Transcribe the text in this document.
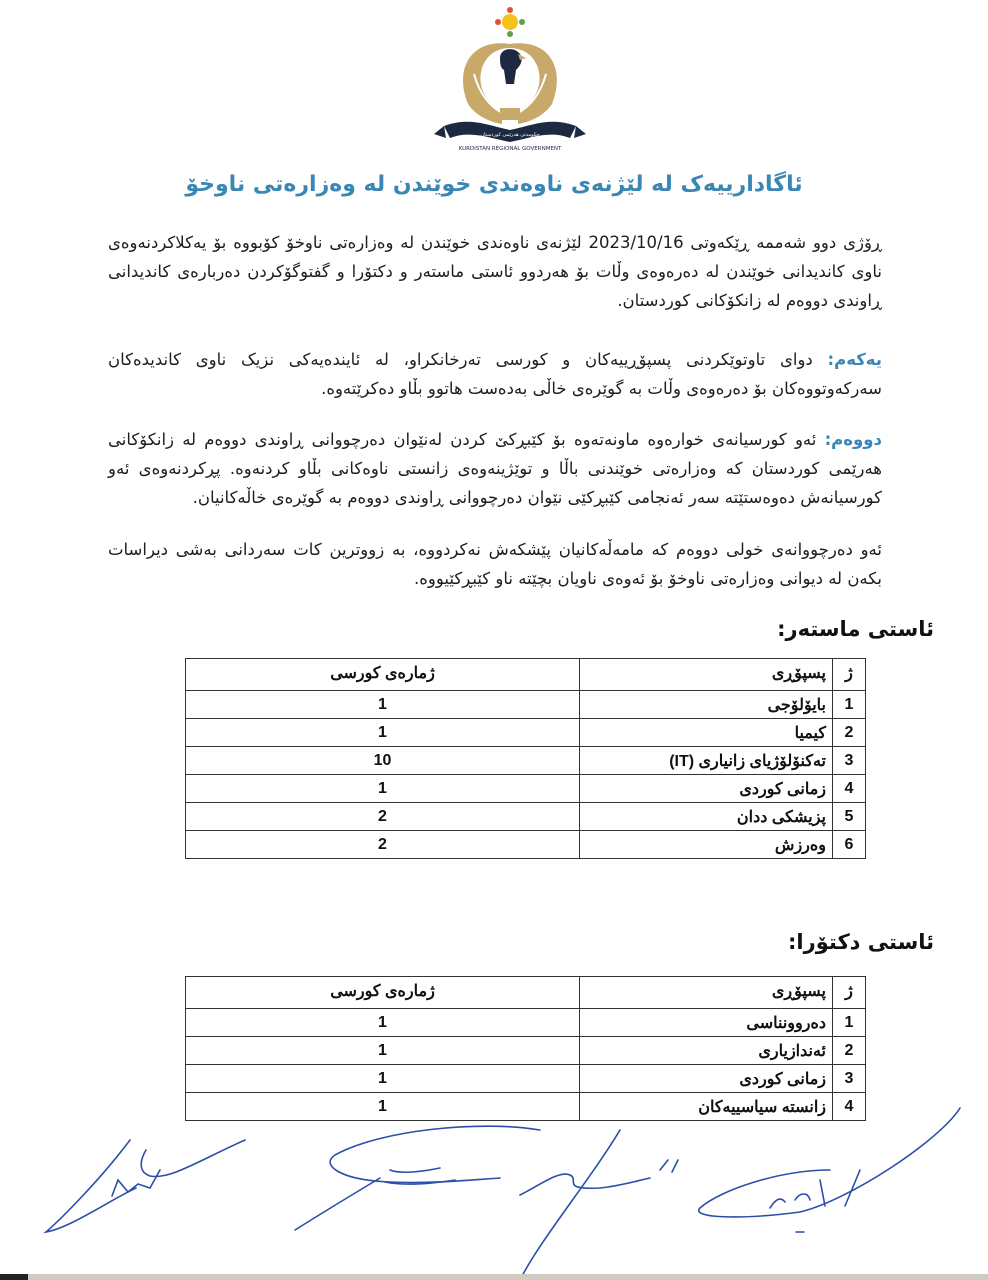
حكومەتی هەرێمی کوردستان
KURDISTAN REGIONAL GOVERNMENT
ئاگادارییەک لە لێژنەی ناوەندی خوێندن لە وەزارەتی ناوخۆ
ڕۆژی دوو شەممە ڕێکەوتی 2023/10/16 لێژنەی ناوەندی خوێندن لە وەزارەتی ناوخۆ کۆبووە بۆ یەکلاکردنەوەی ناوی کاندیدانی خوێندن لە دەرەوەی وڵات بۆ هەردوو ئاستی ماستەر و دکتۆرا و گفتوگۆکردن دەربارەی کاندیدانی ڕاوندی دووەم لە زانکۆکانی کوردستان.
یەکەم: دوای تاوتوێکردنی پسپۆڕییەکان و کورسی تەرخانکراو، لە ئایندەیەکی نزیک ناوی کاندیدەکان سەرکەوتووەکان بۆ دەرەوەی وڵات بە گوێرەی خاڵی بەدەست هاتوو بڵاو دەکرێتەوە.
دووەم: ئەو کورسیانەی خوارەوە ماونەتەوە بۆ کێبڕکێ کردن لەنێوان دەرچووانی ڕاوندی دووەم لە زانکۆکانی هەرێمی کوردستان کە وەزارەتی خوێندنی باڵا و توێژینەوەی زانستی ناوەکانی بڵاو کردنەوە. پڕکردنەوەی ئەو کورسیانەش دەوەستێتە سەر ئەنجامی کێبڕکێی نێوان دەرچووانی ڕاوندی دووەم بە گوێرەی خاڵەکانیان.
ئەو دەرچووانەی خولی دووەم کە مامەڵەکانیان پێشکەش نەکردووە، بە زووترین کات سەردانی بەشی دیراسات بکەن لە دیوانی وەزارەتی ناوخۆ بۆ ئەوەی ناویان بچێتە ناو کێبڕکێیووە.
ئاستی ماستەر:
ژ	پسپۆڕی	ژمارەی کورسی
1	بایۆلۆجی	1
2	کیمیا	1
3	تەکنۆلۆژیای زانیاری (IT)	10
4	زمانی کوردی	1
5	پزیشکی ددان	2
6	وەرزش	2
ئاستی دکتۆرا:
ژ	پسپۆڕی	ژمارەی کورسی
1	دەروونناسی	1
2	ئەندازیاری	1
3	زمانی کوردی	1
4	زانستە سیاسییەکان	1
